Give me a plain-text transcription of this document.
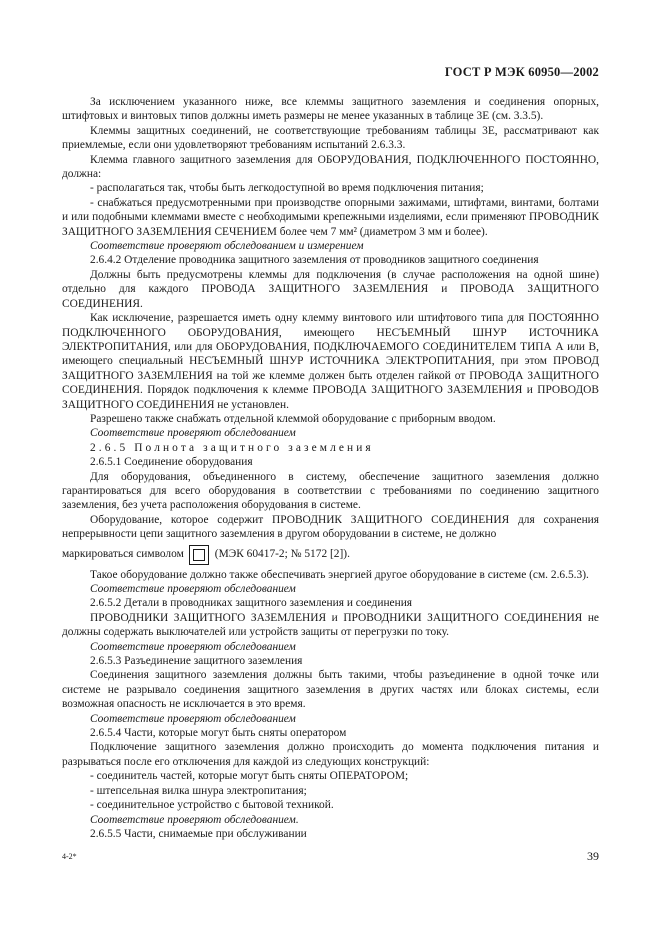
ГОСТ Р МЭК 60950—2002

За исключением указанного ниже, все клеммы защитного заземления и соединения опорных, штифтовых и винтовых типов должны иметь размеры не менее указанных в таблице 3Е (см. 3.3.5).

Клеммы защитных соединений, не соответствующие требованиям таблицы 3Е, рассматривают как приемлемые, если они удовлетворяют требованиям испытаний 2.6.3.3.

Клемма главного защитного заземления для ОБОРУДОВАНИЯ, ПОДКЛЮЧЕННОГО ПОСТОЯННО, должна:

- располагаться так, чтобы быть легкодоступной во время подключения питания;

- снабжаться предусмотренными при производстве опорными зажимами, штифтами, винтами, болтами и или подобными клеммами вместе с необходимыми крепежными изделиями, если применяют ПРОВОДНИК ЗАЩИТНОГО ЗАЗЕМЛЕНИЯ СЕЧЕНИЕМ более чем 7 мм² (диаметром 3 мм и более).

Соответствие проверяют обследованием и измерением

2.6.4.2 Отделение проводника защитного заземления от проводников защитного соединения

Должны быть предусмотрены клеммы для подключения (в случае расположения на одной шине) отдельно для каждого ПРОВОДА ЗАЩИТНОГО ЗАЗЕМЛЕНИЯ и ПРОВОДА ЗАЩИТНОГО СОЕДИНЕНИЯ.

Как исключение, разрешается иметь одну клемму винтового или штифтового типа для ПОСТОЯННО ПОДКЛЮЧЕННОГО ОБОРУДОВАНИЯ, имеющего НЕСЪЕМНЫЙ ШНУР ИСТОЧНИКА ЭЛЕКТРОПИТАНИЯ, или для ОБОРУДОВАНИЯ, ПОДКЛЮЧАЕМОГО СОЕДИНИТЕЛЕМ ТИПА А или В, имеющего специальный НЕСЪЕМНЫЙ ШНУР ИСТОЧНИКА ЭЛЕКТРОПИТАНИЯ, при этом ПРОВОД ЗАЩИТНОГО ЗАЗЕМЛЕНИЯ на той же клемме должен быть отделен гайкой от ПРОВОДА ЗАЩИТНОГО СОЕДИНЕНИЯ. Порядок подключения к клемме ПРОВОДА ЗАЩИТНОГО ЗАЗЕМЛЕНИЯ и ПРОВОДОВ ЗАЩИТНОГО СОЕДИНЕНИЯ не установлен.

Разрешено также снабжать отдельной клеммой оборудование с приборным вводом.

Соответствие проверяют обследованием

2.6.5 Полнота защитного заземления

2.6.5.1 Соединение оборудования

Для оборудования, объединенного в систему, обеспечение защитного заземления должно гарантироваться для всего оборудования в соответствии с требованиями по соединению защитного заземления, без учета расположения оборудования в системе.

Оборудование, которое содержит ПРОВОДНИК ЗАЩИТНОГО СОЕДИНЕНИЯ для сохранения непрерывности цепи защитного заземления в другом оборудовании в системе, не должно

маркироваться символом	(МЭК 60417-2; № 5172 [2]).

Такое оборудование должно также обеспечивать энергией другое оборудование в системе (см. 2.6.5.3).

Соответствие проверяют обследованием

2.6.5.2 Детали в проводниках защитного заземления и соединения

ПРОВОДНИКИ ЗАЩИТНОГО ЗАЗЕМЛЕНИЯ и ПРОВОДНИКИ ЗАЩИТНОГО СОЕДИНЕНИЯ не должны содержать выключателей или устройств защиты от перегрузки по току.

Соответствие проверяют обследованием

2.6.5.3 Разъединение защитного заземления

Соединения защитного заземления должны быть такими, чтобы разъединение в одной точке или системе не разрывало соединения защитного заземления в других частях или блоках системы, если возможная опасность не исключается в это время.

Соответствие проверяют обследованием

2.6.5.4 Части, которые могут быть сняты оператором

Подключение защитного заземления должно происходить до момента подключения питания и разрываться после его отключения для каждой из следующих конструкций:

- соединитель частей, которые могут быть сняты ОПЕРАТОРОМ;

- штепсельная вилка шнура электропитания;

- соединительное устройство с бытовой техникой.

Соответствие проверяют обследованием.

2.6.5.5 Части, снимаемые при обслуживании

4-2*	39
